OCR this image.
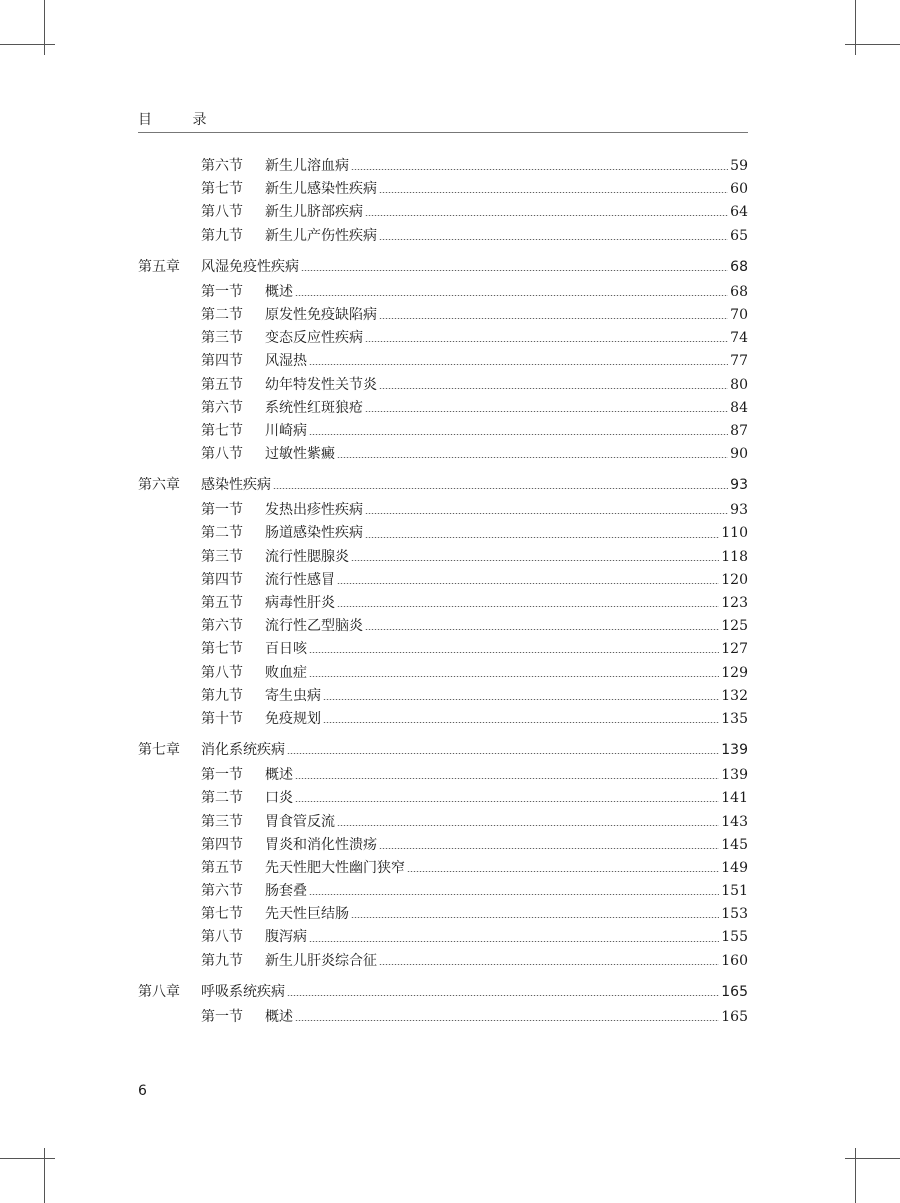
目 录
第六节	新生儿溶血病	59
第七节	新生儿感染性疾病	60
第八节	新生儿脐部疾病	64
第九节	新生儿产伤性疾病	65
第五章	风湿免疫性疾病	68
第一节	概述	68
第二节	原发性免疫缺陷病	70
第三节	变态反应性疾病	74
第四节	风湿热	77
第五节	幼年特发性关节炎	80
第六节	系统性红斑狼疮	84
第七节	川崎病	87
第八节	过敏性紫癜	90
第六章	感染性疾病	93
第一节	发热出疹性疾病	93
第二节	肠道感染性疾病	110
第三节	流行性腮腺炎	118
第四节	流行性感冒	120
第五节	病毒性肝炎	123
第六节	流行性乙型脑炎	125
第七节	百日咳	127
第八节	败血症	129
第九节	寄生虫病	132
第十节	免疫规划	135
第七章	消化系统疾病	139
第一节	概述	139
第二节	口炎	141
第三节	胃食管反流	143
第四节	胃炎和消化性溃疡	145
第五节	先天性肥大性幽门狭窄	149
第六节	肠套叠	151
第七节	先天性巨结肠	153
第八节	腹泻病	155
第九节	新生儿肝炎综合征	160
第八章	呼吸系统疾病	165
第一节	概述	165
6
